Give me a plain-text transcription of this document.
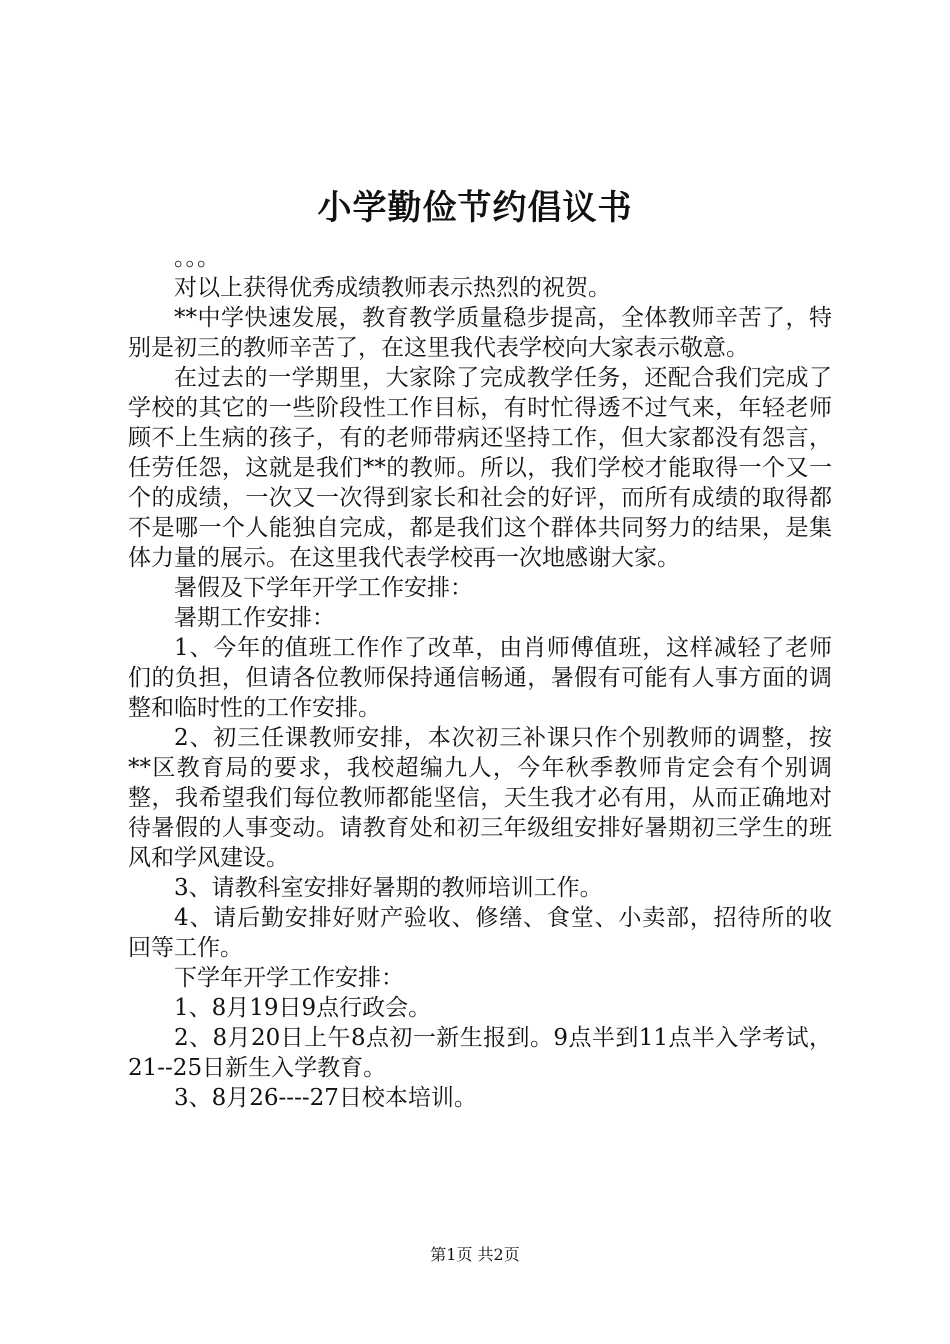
小学勤俭节约倡议书

。。。

对以上获得优秀成绩教师表示热烈的祝贺。

**中学快速发展，教育教学质量稳步提高，全体教师辛苦了，特别是初三的教师辛苦了，在这里我代表学校向大家表示敬意。

在过去的一学期里，大家除了完成教学任务，还配合我们完成了学校的其它的一些阶段性工作目标，有时忙得透不过气来，年轻老师顾不上生病的孩子，有的老师带病还坚持工作，但大家都没有怨言，任劳任怨，这就是我们**的教师。所以，我们学校才能取得一个又一个的成绩，一次又一次得到家长和社会的好评，而所有成绩的取得都不是哪一个人能独自完成，都是我们这个群体共同努力的结果，是集体力量的展示。在这里我代表学校再一次地感谢大家。

暑假及下学年开学工作安排：

暑期工作安排：

1、今年的值班工作作了改革，由肖师傅值班，这样减轻了老师们的负担，但请各位教师保持通信畅通，暑假有可能有人事方面的调整和临时性的工作安排。

2、初三任课教师安排，本次初三补课只作个别教师的调整，按**区教育局的要求，我校超编九人，今年秋季教师肯定会有个别调整，我希望我们每位教师都能坚信，天生我才必有用，从而正确地对待暑假的人事变动。请教育处和初三年级组安排好暑期初三学生的班风和学风建设。

3、请教科室安排好暑期的教师培训工作。

4、请后勤安排好财产验收、修缮、食堂、小卖部，招待所的收回等工作。

下学年开学工作安排：

1、8月19日9点行政会。

2、8月20日上午8点初一新生报到。9点半到11点半入学考试，21--25日新生入学教育。

3、8月26----27日校本培训。

第1页 共2页
